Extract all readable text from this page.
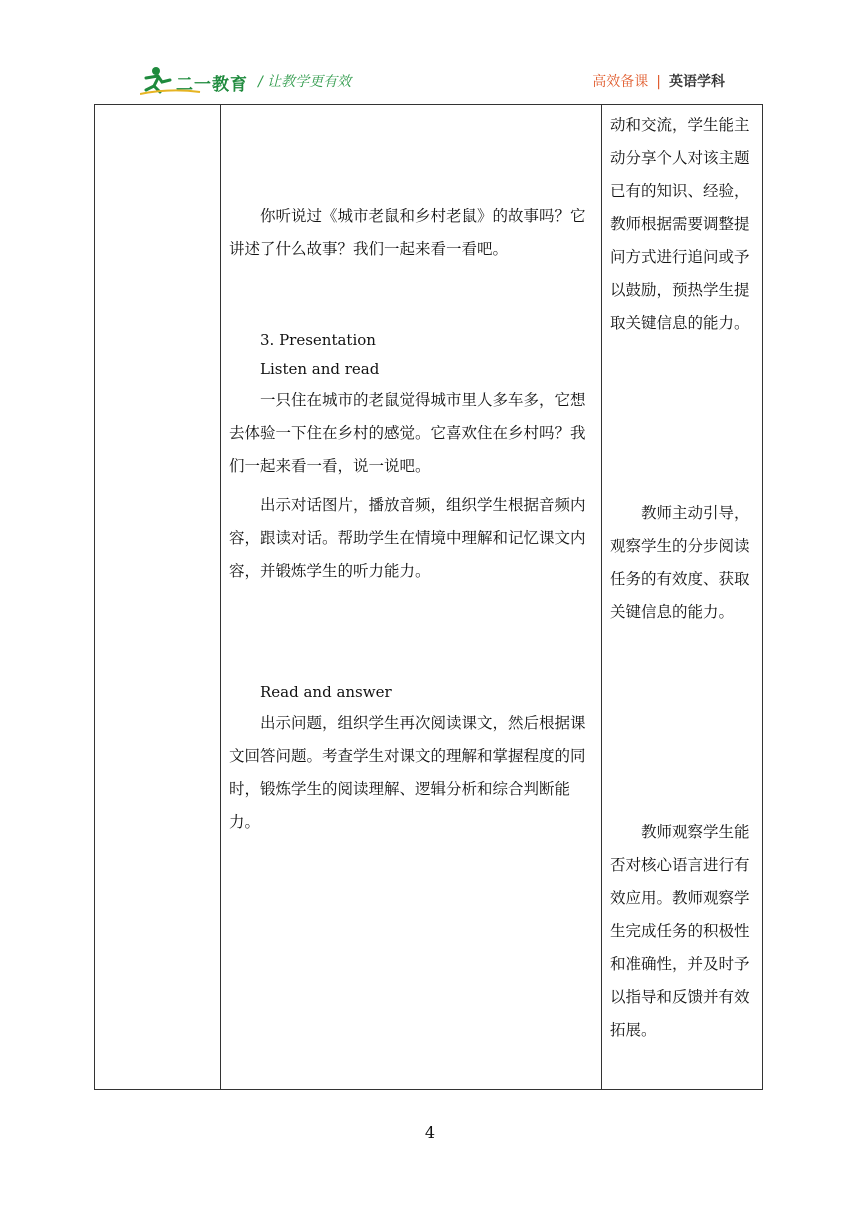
二一教育 / 让教学更有效	高效备课 | 英语学科

你听说过《城市老鼠和乡村老鼠》的故事吗？它讲述了什么故事？我们一起来看一看吧。
3. Presentation
Listen and read
一只住在城市的老鼠觉得城市里人多车多，它想去体验一下住在乡村的感觉。它喜欢住在乡村吗？我们一起来看一看，说一说吧。
出示对话图片，播放音频，组织学生根据音频内容，跟读对话。帮助学生在情境中理解和记忆课文内容，并锻炼学生的听力能力。
Read and answer
出示问题，组织学生再次阅读课文，然后根据课文回答问题。考查学生对课文的理解和掌握程度的同时，锻炼学生的阅读理解、逻辑分析和综合判断能力。

动和交流，学生能主动分享个人对该主题已有的知识、经验，教师根据需要调整提问方式进行追问或予以鼓励，预热学生提取关键信息的能力。
教师主动引导，观察学生的分步阅读任务的有效度、获取关键信息的能力。
教师观察学生能否对核心语言进行有效应用。教师观察学生完成任务的积极性和准确性，并及时予以指导和反馈并有效拓展。
4
